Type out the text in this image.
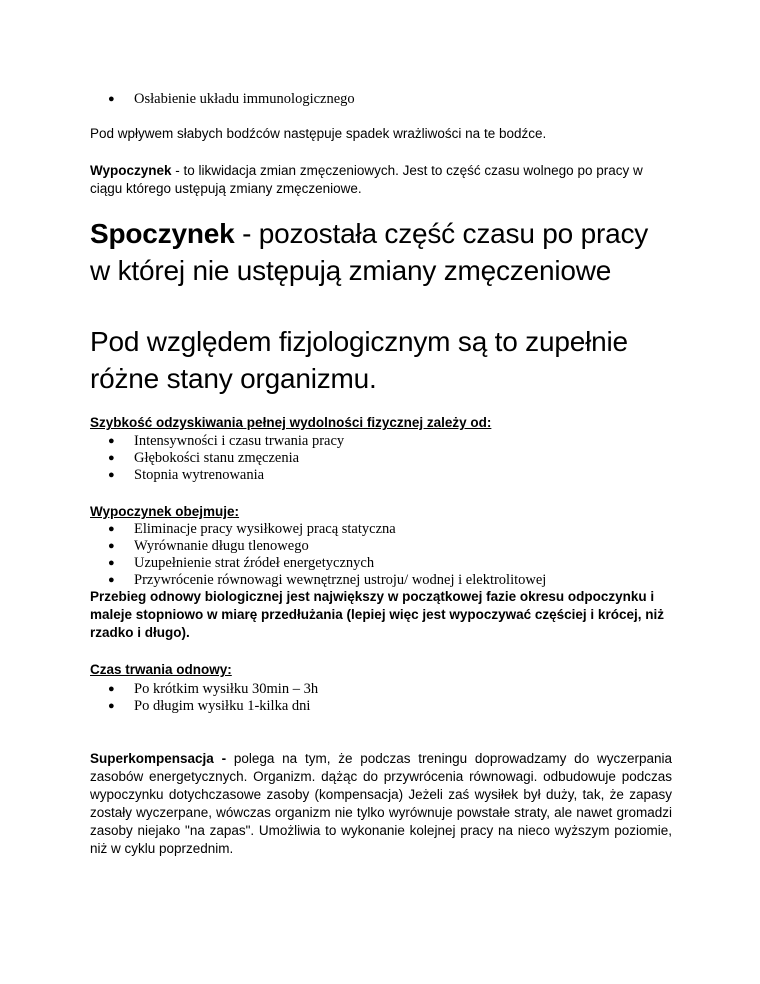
● Osłabienie układu immunologicznego

Pod wpływem słabych bodźców następuje spadek wrażliwości na te bodźce.

Wypoczynek - to likwidacja zmian zmęczeniowych. Jest to część czasu wolnego po pracy w ciągu którego ustępują zmiany zmęczeniowe.

Spoczynek - pozostała część czasu po pracy w której nie ustępują zmiany zmęczeniowe

Pod względem fizjologicznym są to zupełnie różne stany organizmu.

Szybkość odzyskiwania pełnej wydolności fizycznej zależy od:

● Intensywności i czasu trwania pracy
● Głębokości stanu zmęczenia
● Stopnia wytrenowania

Wypoczynek obejmuje:

● Eliminacje pracy wysiłkowej pracą statyczna
● Wyrównanie długu tlenowego
● Uzupełnienie strat źródeł energetycznych
● Przywrócenie równowagi wewnętrznej ustroju/ wodnej i elektrolitowej

Przebieg odnowy biologicznej jest największy w początkowej fazie okresu odpoczynku i maleje stopniowo w miarę przedłużania (lepiej więc jest wypoczywać częściej i krócej, niż rzadko i długo).

Czas trwania odnowy:

● Po krótkim wysiłku 30min – 3h
● Po długim wysiłku 1-kilka dni

Superkompensacja - polega na tym, że podczas treningu doprowadzamy do wyczerpania zasobów energetycznych. Organizm. dążąc do przywrócenia równowagi. odbudowuje podczas wypoczynku dotychczasowe zasoby (kompensacja) Jeżeli zaś wysiłek był duży, tak, że zapasy zostały wyczerpane, wówczas organizm nie tylko wyrównuje powstałe straty, ale nawet gromadzi zasoby niejako "na zapas". Umożliwia to wykonanie kolejnej pracy na nieco wyższym poziomie, niż w cyklu poprzednim.
